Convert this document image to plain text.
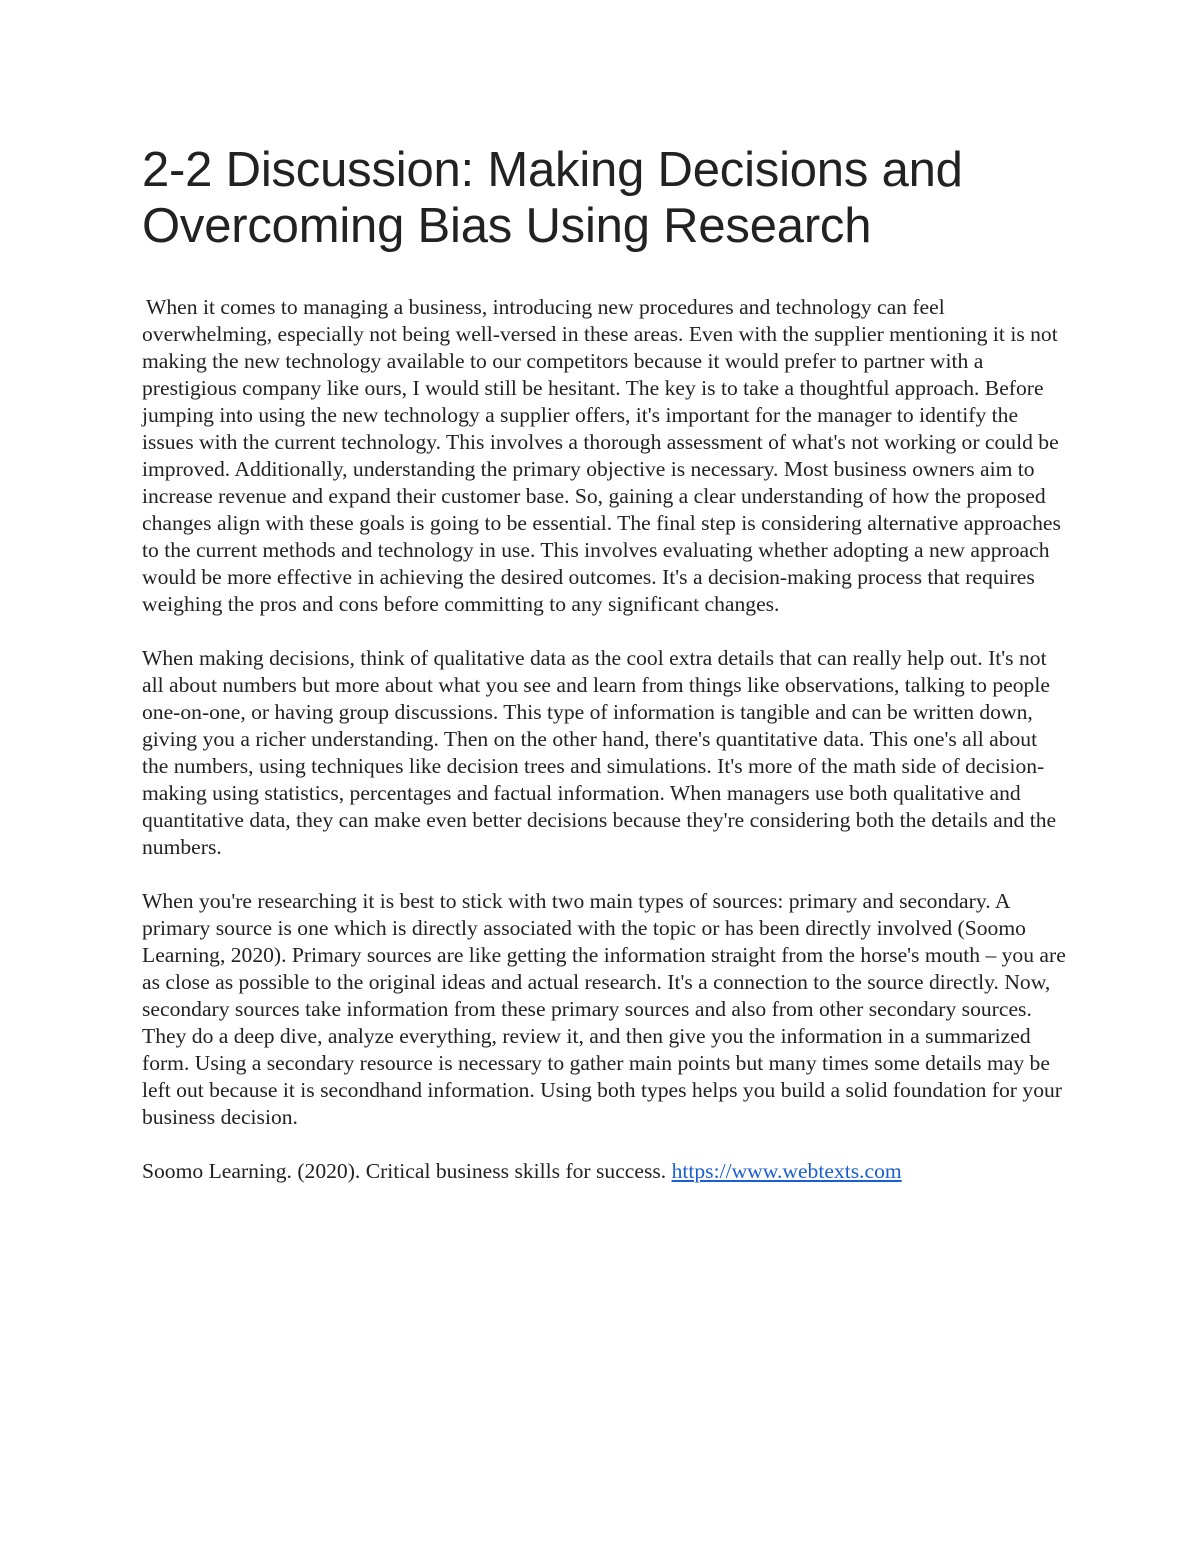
2-2 Discussion: Making Decisions and Overcoming Bias Using Research

When it comes to managing a business, introducing new procedures and technology can feel overwhelming, especially not being well-versed in these areas. Even with the supplier mentioning it is not making the new technology available to our competitors because it would prefer to partner with a prestigious company like ours, I would still be hesitant. The key is to take a thoughtful approach. Before jumping into using the new technology a supplier offers, it's important for the manager to identify the issues with the current technology. This involves a thorough assessment of what's not working or could be improved. Additionally, understanding the primary objective is necessary. Most business owners aim to increase revenue and expand their customer base. So, gaining a clear understanding of how the proposed changes align with these goals is going to be essential. The final step is considering alternative approaches to the current methods and technology in use. This involves evaluating whether adopting a new approach would be more effective in achieving the desired outcomes. It's a decision-making process that requires weighing the pros and cons before committing to any significant changes.

When making decisions, think of qualitative data as the cool extra details that can really help out. It's not all about numbers but more about what you see and learn from things like observations, talking to people one-on-one, or having group discussions. This type of information is tangible and can be written down, giving you a richer understanding. Then on the other hand, there's quantitative data. This one's all about the numbers, using techniques like decision trees and simulations. It's more of the math side of decision-making using statistics, percentages and factual information. When managers use both qualitative and quantitative data, they can make even better decisions because they're considering both the details and the numbers.

When you're researching it is best to stick with two main types of sources: primary and secondary. A primary source is one which is directly associated with the topic or has been directly involved (Soomo Learning, 2020). Primary sources are like getting the information straight from the horse's mouth – you are as close as possible to the original ideas and actual research. It's a connection to the source directly. Now, secondary sources take information from these primary sources and also from other secondary sources. They do a deep dive, analyze everything, review it, and then give you the information in a summarized form. Using a secondary resource is necessary to gather main points but many times some details may be left out because it is secondhand information. Using both types helps you build a solid foundation for your business decision.

Soomo Learning. (2020). Critical business skills for success. https://www.webtexts.com
